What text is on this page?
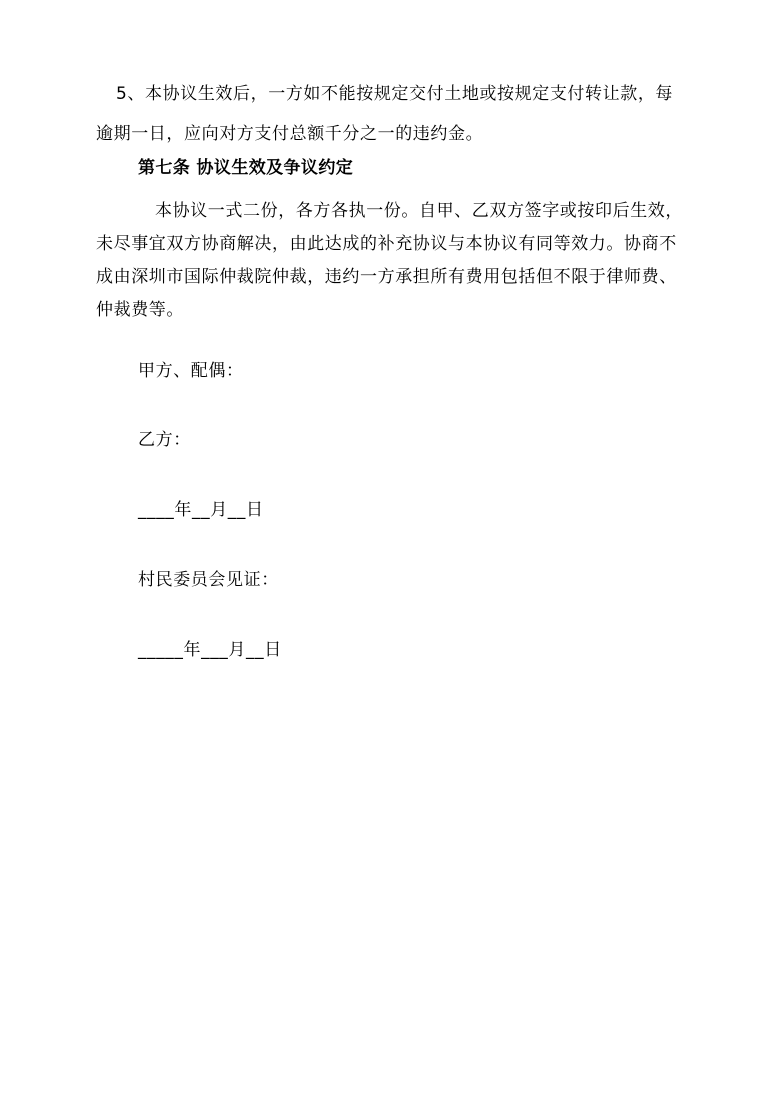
5、本协议生效后，一方如不能按规定交付土地或按规定支付转让款，每
逾期一日，应向对方支付总额千分之一的违约金。
第七条 协议生效及争议约定
本协议一式二份，各方各执一份。自甲、乙双方签字或按印后生效，
未尽事宜双方协商解决，由此达成的补充协议与本协议有同等效力。协商不
成由深圳市国际仲裁院仲裁，违约一方承担所有费用包括但不限于律师费、
仲裁费等。
甲方、配偶：
乙方：
____年__月__日
村民委员会见证：
_____年___月__日
